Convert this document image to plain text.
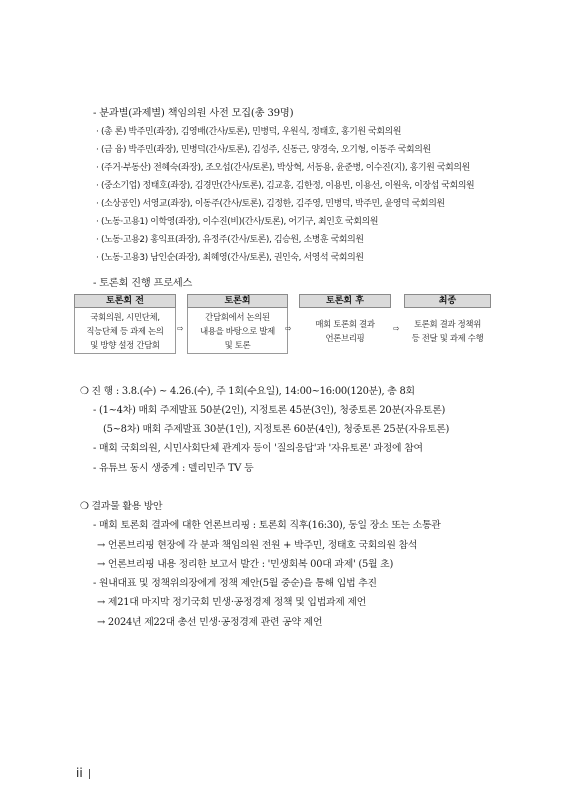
- 분과별(과제별) 책임의원 사전 모집(총 39명)
· (총 론) 박주민(좌장), 김영배(간사/토론), 민병덕, 우원식, 정태호, 홍기원 국회의원
· (금 융) 박주민(좌장), 민병덕(간사/토론), 김성주, 신동근, 양경숙, 오기형, 이동주 국회의원
· (주거·부동산) 전혜숙(좌장), 조오섭(간사/토론), 박상혁, 서동용, 윤준병, 이수진(지), 홍기원 국회의원
· (중소기업) 정태호(좌장), 김경만(간사/토론), 김교흥, 김한정, 이용빈, 이용선, 이원욱, 이장섭 국회의원
· (소상공인) 서영교(좌장), 이동주(간사/토론), 김정한, 김주영, 민병덕, 박주민, 윤영덕 국회의원
· (노동·고용1) 이학영(좌장), 이수진(비)(간사/토론), 어기구, 최인호 국회의원
· (노동·고용2) 홍익표(좌장), 유정주(간사/토론), 김승원, 소병훈 국회의원
· (노동·고용3) 남인순(좌장), 최혜영(간사/토론), 권인숙, 서영석 국회의원
- 토론회 진행 프로세스
토론회 전
국회의원, 시민단체,
직능단체 등 과제 논의
및 방향 설정 간담회
⇨
토론회
간담회에서 논의된
내용을 바탕으로 발제
및 토론
⇨
토론회 후
매회 토론회 결과
언론브리핑
⇨
최종
토론회 결과 정책위
등 전달 및 과제 수행
❍ 진 행 : 3.8.(수) ~ 4.26.(수), 주 1회(수요일), 14:00~16:00(120분), 총 8회
- (1~4차) 매회 주제발표 50분(2인), 지정토론 45분(3인), 청중토론 20분(자유토론)
(5~8차) 매회 주제발표 30분(1인), 지정토론 60분(4인), 청중토론 25분(자유토론)
- 매회 국회의원, 시민사회단체 관계자 등이 '질의응답'과 '자유토론' 과정에 참여
- 유튜브 동시 생중계 : 델리민주 TV 등
❍ 결과물 활용 방안
- 매회 토론회 결과에 대한 언론브리핑 : 토론회 직후(16:30), 동일 장소 또는 소통관
→ 언론브리핑 현장에 각 분과 책임의원 전원 + 박주민, 정태호 국회의원 참석
→ 언론브리핑 내용 정리한 보고서 발간 : '민생회복 00대 과제' (5월 초)
- 원내대표 및 정책위의장에게 정책 제안(5월 중순)을 통해 입법 추진
→ 제21대 마지막 정기국회 민생·공정경제 정책 및 입법과제 제언
→ 2024년 제22대 총선 민생·공정경제 관련 공약 제언
ii
